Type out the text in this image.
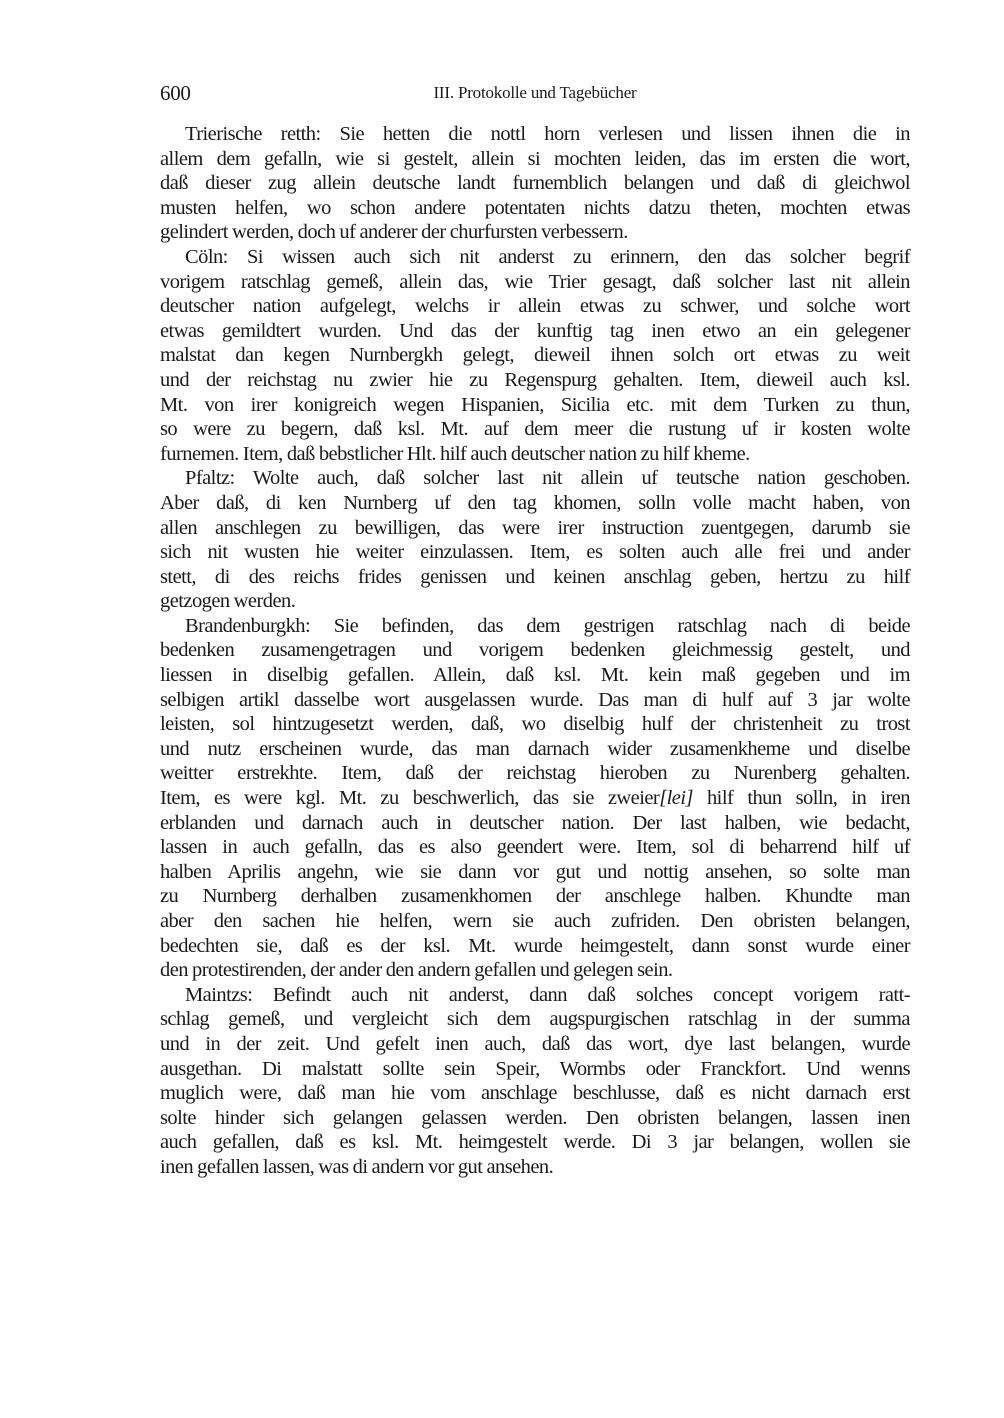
600	III. Protokolle und Tagebücher
Trierische retth: Sie hetten die nottl horn verlesen und lissen ihnen die in
allem dem gefalln, wie si gestelt, allein si mochten leiden, das im ersten die wort,
daß dieser zug allein deutsche landt furnemblich belangen und daß di gleichwol
musten helfen, wo schon andere potentaten nichts datzu theten, mochten etwas
gelindert werden, doch uf anderer der churfursten verbessern.
Cöln: Si wissen auch sich nit anderst zu erinnern, den das solcher begrif
vorigem ratschlag gemeß, allein das, wie Trier gesagt, daß solcher last nit allein
deutscher nation aufgelegt, welchs ir allein etwas zu schwer, und solche wort
etwas gemildtert wurden. Und das der kunftig tag inen etwo an ein gelegener
malstat dan kegen Nurnbergkh gelegt, dieweil ihnen solch ort etwas zu weit
und der reichstag nu zwier hie zu Regenspurg gehalten. Item, dieweil auch ksl.
Mt. von irer konigreich wegen Hispanien, Sicilia etc. mit dem Turken zu thun,
so were zu begern, daß ksl. Mt. auf dem meer die rustung uf ir kosten wolte
furnemen. Item, daß bebstlicher Hlt. hilf auch deutscher nation zu hilf kheme.
Pfaltz: Wolte auch, daß solcher last nit allein uf teutsche nation geschoben.
Aber daß, di ken Nurnberg uf den tag khomen, solln volle macht haben, von
allen anschlegen zu bewilligen, das were irer instruction zuentgegen, darumb sie
sich nit wusten hie weiter einzulassen. Item, es solten auch alle frei und ander
stett, di des reichs frides genissen und keinen anschlag geben, hertzu zu hilf
getzogen werden.
Brandenburgkh: Sie befinden, das dem gestrigen ratschlag nach di beide
bedenken zusamengetragen und vorigem bedenken gleichmessig gestelt, und
liessen in diselbig gefallen. Allein, daß ksl. Mt. kein maß gegeben und im
selbigen artikl dasselbe wort ausgelassen wurde. Das man di hulf auf 3 jar wolte
leisten, sol hintzugesetzt werden, daß, wo diselbig hulf der christenheit zu trost
und nutz erscheinen wurde, das man darnach wider zusamenkheme und diselbe
weitter erstrekhte. Item, daß der reichstag hieroben zu Nurenberg gehalten.
Item, es were kgl. Mt. zu beschwerlich, das sie zweier[lei] hilf thun solln, in iren
erblanden und darnach auch in deutscher nation. Der last halben, wie bedacht,
lassen in auch gefalln, das es also geendert were. Item, sol di beharrend hilf uf
halben Aprilis angehn, wie sie dann vor gut und nottig ansehen, so solte man
zu Nurnberg derhalben zusamenkhomen der anschlege halben. Khundte man
aber den sachen hie helfen, wern sie auch zufriden. Den obristen belangen,
bedechten sie, daß es der ksl. Mt. wurde heimgestelt, dann sonst wurde einer
den protestirenden, der ander den andern gefallen und gelegen sein.
Maintzs: Befindt auch nit anderst, dann daß solches concept vorigem ratt-
schlag gemeß, und vergleicht sich dem augspurgischen ratschlag in der summa
und in der zeit. Und gefelt inen auch, daß das wort, dye last belangen, wurde
ausgethan. Di malstatt sollte sein Speir, Wormbs oder Franckfort. Und wenns
muglich were, daß man hie vom anschlage beschlusse, daß es nicht darnach erst
solte hinder sich gelangen gelassen werden. Den obristen belangen, lassen inen
auch gefallen, daß es ksl. Mt. heimgestelt werde. Di 3 jar belangen, wollen sie
inen gefallen lassen, was di andern vor gut ansehen.
